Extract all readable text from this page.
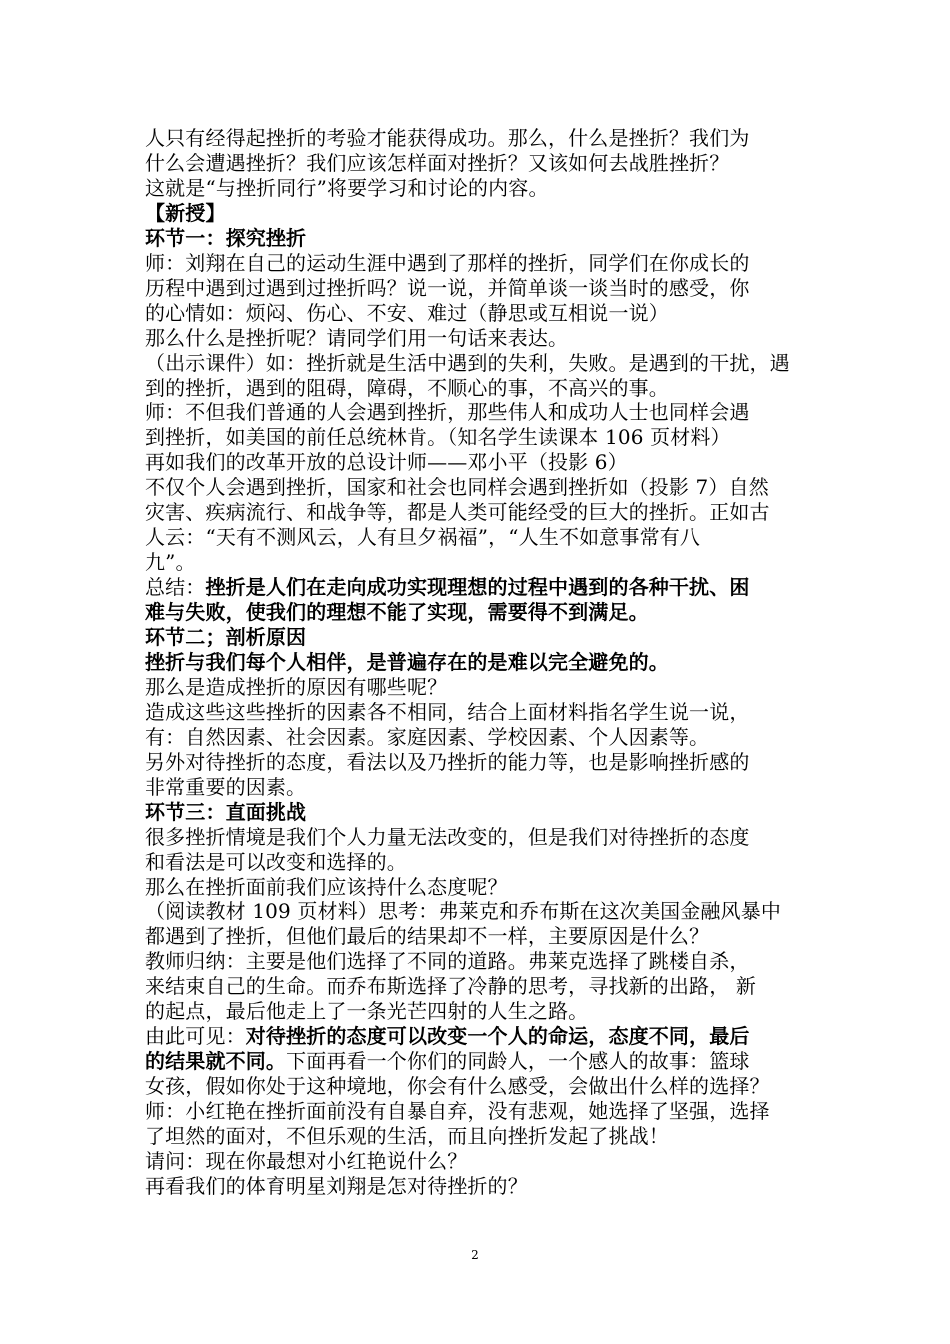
人只有经得起挫折的考验才能获得成功。那么，什么是挫折？我们为
什么会遭遇挫折？我们应该怎样面对挫折？又该如何去战胜挫折？
这就是“与挫折同行”将要学习和讨论的内容。
【新授】
环节一：探究挫折
师：刘翔在自己的运动生涯中遇到了那样的挫折，同学们在你成长的
历程中遇到过遇到过挫折吗？说一说，并简单谈一谈当时的感受，你
的心情如：烦闷、伤心、不安、难过（静思或互相说一说）
那么什么是挫折呢？请同学们用一句话来表达。
（出示课件）如：挫折就是生活中遇到的失利，失败。是遇到的干扰，遇
到的挫折，遇到的阻碍，障碍，不顺心的事，不高兴的事。
师：不但我们普通的人会遇到挫折，那些伟人和成功人士也同样会遇
到挫折，如美国的前任总统林肯。（知名学生读课本 106 页材料）
再如我们的改革开放的总设计师——邓小平（投影 6）
不仅个人会遇到挫折，国家和社会也同样会遇到挫折如（投影 7）自然
灾害、疾病流行、和战争等，都是人类可能经受的巨大的挫折。正如古
人云：“天有不测风云，人有旦夕祸福”，“人生不如意事常有八
九”。
总结：挫折是人们在走向成功实现理想的过程中遇到的各种干扰、困
难与失败，使我们的理想不能了实现，需要得不到满足。
环节二；剖析原因
挫折与我们每个人相伴，是普遍存在的是难以完全避免的。
那么是造成挫折的原因有哪些呢？
造成这些这些挫折的因素各不相同，结合上面材料指名学生说一说，
有：自然因素、社会因素。家庭因素、学校因素、个人因素等。
另外对待挫折的态度，看法以及乃挫折的能力等，也是影响挫折感的
非常重要的因素。
环节三：直面挑战
很多挫折情境是我们个人力量无法改变的，但是我们对待挫折的态度
和看法是可以改变和选择的。
那么在挫折面前我们应该持什么态度呢？
（阅读教材 109 页材料）思考：弗莱克和乔布斯在这次美国金融风暴中
都遇到了挫折，但他们最后的结果却不一样，主要原因是什么？
教师归纳：主要是他们选择了不同的道路。弗莱克选择了跳楼自杀，
来结束自己的生命。而乔布斯选择了冷静的思考，寻找新的出路， 新
的起点，最后他走上了一条光芒四射的人生之路。
由此可见：对待挫折的态度可以改变一个人的命运，态度不同，最后
的结果就不同。下面再看一个你们的同龄人，一个感人的故事：篮球
女孩，假如你处于这种境地，你会有什么感受，会做出什么样的选择？
师：小红艳在挫折面前没有自暴自弃，没有悲观，她选择了坚强，选择
了坦然的面对，不但乐观的生活，而且向挫折发起了挑战！
请问：现在你最想对小红艳说什么？
再看我们的体育明星刘翔是怎对待挫折的？
2
